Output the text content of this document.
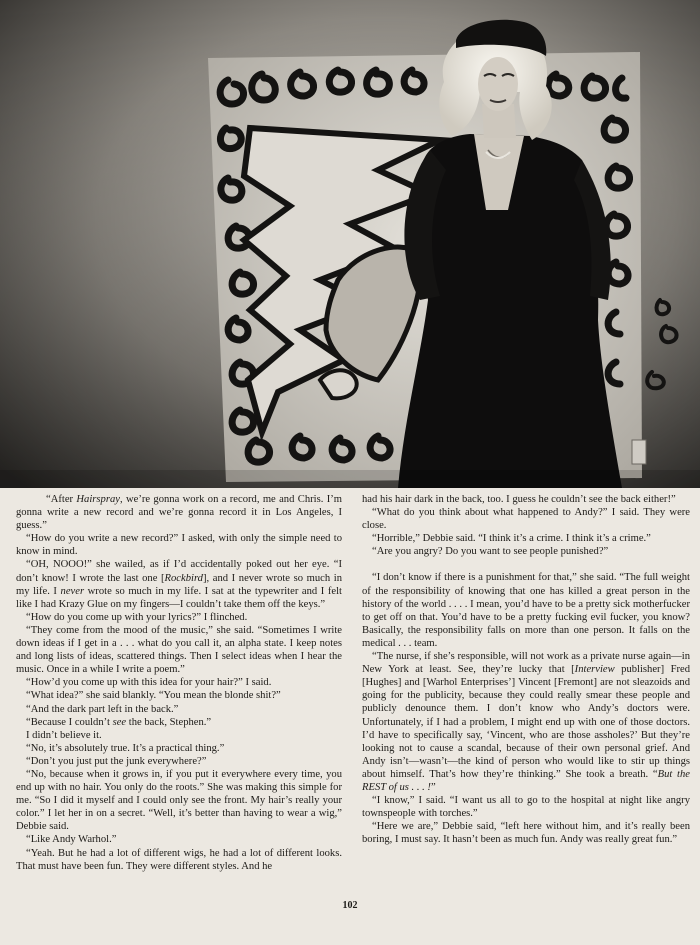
“After Hairspray, we’re gonna work on a record, me and Chris. I’m gonna write a new record and we’re gonna record it in Los Angeles, I guess.”

“How do you write a new record?” I asked, with only the simple need to know in mind.

“OH, NOOO!” she wailed, as if I’d accidentally poked out her eye. “I don’t know! I wrote the last one [Rockbird], and I never wrote so much in my life. I never wrote so much in my life. I sat at the typewriter and I felt like I had Krazy Glue on my fingers—I couldn’t take them off the keys.”

“How do you come up with your lyrics?” I flinched.

“They come from the mood of the music,” she said. “Sometimes I write down ideas if I get in a . . . what do you call it, an alpha state. I keep notes and long lists of ideas, scattered things. Then I select ideas when I hear the music. Once in a while I write a poem.”

“How’d you come up with this idea for your hair?” I said.

“What idea?” she said blankly. “You mean the blonde shit?”

“And the dark part left in the back.”

“Because I couldn’t see the back, Stephen.”

I didn’t believe it.

“No, it’s absolutely true. It’s a practical thing.”

“Don’t you just put the junk everywhere?”

“No, because when it grows in, if you put it everywhere every time, you end up with no hair. You only do the roots.” She was making this simple for me. “So I did it myself and I could only see the front. My hair’s really your color.” I let her in on a secret. “Well, it’s better than having to wear a wig,” Debbie said.

“Like Andy Warhol.”

“Yeah. But he had a lot of different wigs, he had a lot of different looks. That must have been fun. They were different styles. And he

had his hair dark in the back, too. I guess he couldn’t see the back either!”

“What do you think about what happened to Andy?” I said. They were close.

“Horrible,” Debbie said. “I think it’s a crime. I think it’s a crime.”

“Are you angry? Do you want to see people punished?”

“I don’t know if there is a punishment for that,” she said. “The full weight of the responsibility of knowing that one has killed a great person in the history of the world . . . . I mean, you’d have to be a pretty sick motherfucker to get off on that. You’d have to be a pretty fucking evil fucker, you know? Basically, the responsibility falls on more than one person. It falls on the medical . . . team.

“The nurse, if she’s responsible, will not work as a private nurse again—in New York at least. See, they’re lucky that [Interview publisher] Fred [Hughes] and [Warhol Enterprises’] Vincent [Fremont] are not sleazoids and going for the publicity, because they could really smear these people and publicly denounce them. I don’t know who Andy’s doctors were. Unfortunately, if I had a problem, I might end up with one of those doctors. I’d have to specifically say, ‘Vincent, who are those assholes?’ But they’re looking not to cause a scandal, because of their own personal grief. And Andy isn’t—wasn’t—the kind of person who would like to stir up things about himself. That’s how they’re thinking.” She took a breath. “But the REST of us . . . !”

“I know,” I said. “I want us all to go to the hospital at night like angry townspeople with torches.”

“Here we are,” Debbie said, “left here without him, and it’s really been boring, I must say. It hasn’t been as much fun. Andy was really great fun.”

102
